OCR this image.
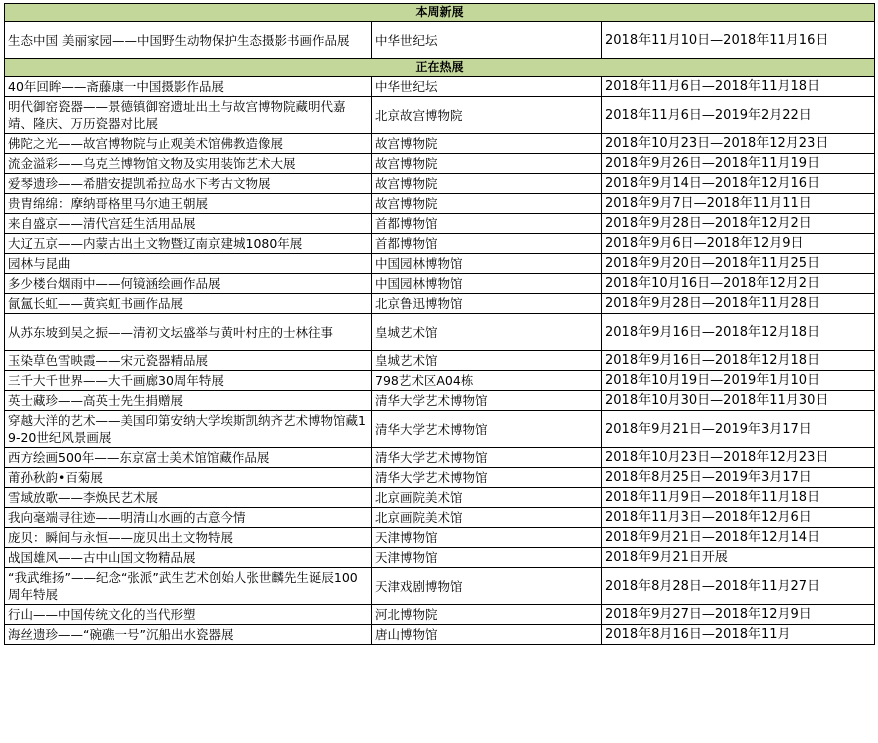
本周新展		
生态中国 美丽家园——中国野生动物保护生态摄影书画作品展	中华世纪坛	2018年11月10日—2018年11月16日
正在热展		
40年回眸——斋藤康一中国摄影作品展	中华世纪坛	2018年11月6日—2018年11月18日
明代御窑瓷器——景德镇御窑遗址出土与故宫博物院藏明代嘉靖、隆庆、万历瓷器对比展	北京故宫博物院	2018年11月6日—2019年2月22日
佛陀之光——故宫博物院与止观美术馆佛教造像展	故宫博物院	2018年10月23日—2018年12月23日
流金溢彩——乌克兰博物馆文物及实用装饰艺术大展	故宫博物院	2018年9月26日—2018年11月19日
爱琴遗珍——希腊安提凯希拉岛水下考古文物展	故宫博物院	2018年9月14日—2018年12月16日
贵胄绵绵：摩纳哥格里马尔迪王朝展	故宫博物院	2018年9月7日—2018年11月11日
来自盛京——清代宫廷生活用品展	首都博物馆	2018年9月28日—2018年12月2日
大辽五京——内蒙古出土文物暨辽南京建城1080年展	首都博物馆	2018年9月6日—2018年12月9日
园林与昆曲	中国园林博物馆	2018年9月20日—2018年11月25日
多少楼台烟雨中——何镜涵绘画作品展	中国园林博物馆	2018年10月16日—2018年12月2日
氤氲长虹——黄宾虹书画作品展	北京鲁迅博物馆	2018年9月28日—2018年11月28日
从苏东坡到吴之振——清初文坛盛举与黄叶村庄的士林往事	皇城艺术馆	2018年9月16日—2018年12月18日
玉染草色雪映霞——宋元瓷器精品展	皇城艺术馆	2018年9月16日—2018年12月18日
三千大千世界——大千画廊30周年特展	798艺术区A04栋	2018年10月19日—2019年1月10日
英士藏珍——高英士先生捐赠展	清华大学艺术博物馆	2018年10月30日—2018年11月30日
穿越大洋的艺术——美国印第安纳大学埃斯凯纳齐艺术博物馆藏19-20世纪风景画展	清华大学艺术博物馆	2018年9月21日—2019年3月17日
西方绘画500年——东京富士美术馆馆藏作品展	清华大学艺术博物馆	2018年10月23日—2018年12月23日
莆孙秋韵•百菊展	清华大学艺术博物馆	2018年8月25日—2019年3月17日
雪域放歌——李焕民艺术展	北京画院美术馆	2018年11月9日—2018年11月18日
我向毫端寻往迹——明清山水画的古意今情	北京画院美术馆	2018年11月3日—2018年12月6日
庞贝：瞬间与永恒——庞贝出土文物特展	天津博物馆	2018年9月21日—2018年12月14日
战国雄风——古中山国文物精品展	天津博物馆	2018年9月21日开展
“我武维扬”——纪念“张派”武生艺术创始人张世麟先生诞辰100周年特展	天津戏剧博物馆	2018年8月28日—2018年11月27日
行山——中国传统文化的当代形塑	河北博物院	2018年9月27日—2018年12月9日
海丝遗珍——“碗礁一号”沉船出水瓷器展	唐山博物馆	2018年8月16日—2018年11月
